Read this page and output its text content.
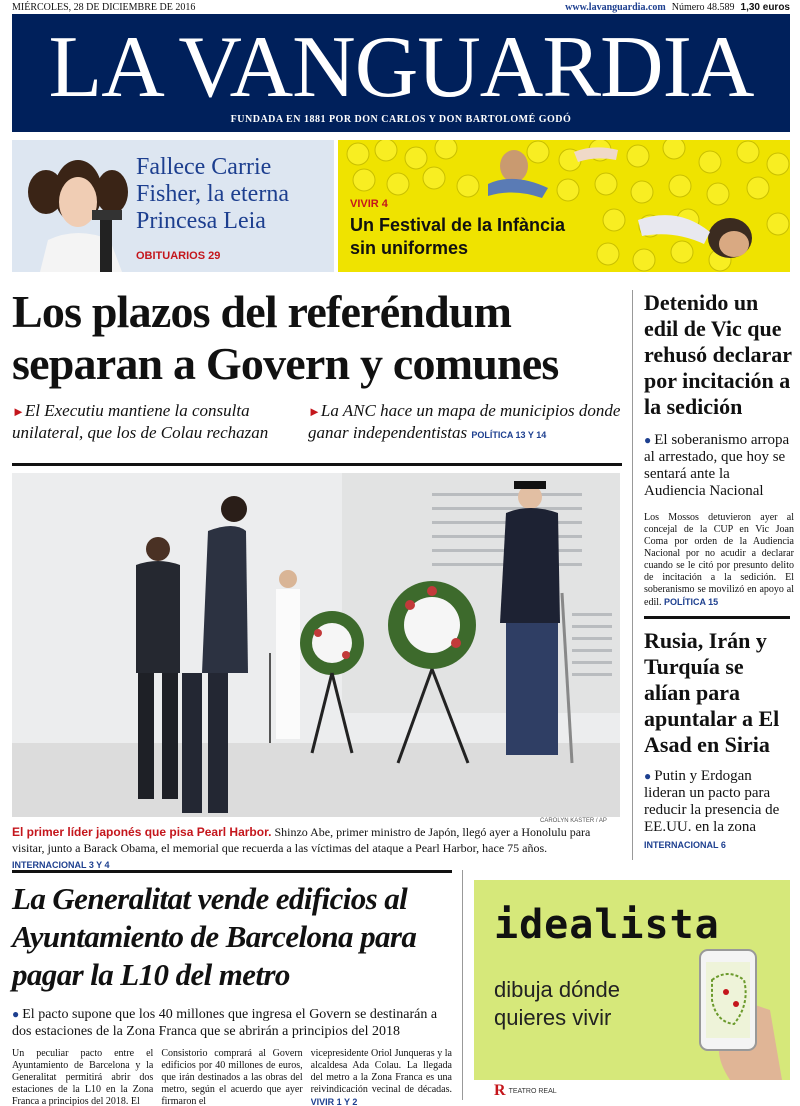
MIÉRCOLES, 28 DE DICIEMBRE DE 2016	www.lavanguardia.com Número 48.589 1,30 euros
LA VANGUARDIA
FUNDADA EN 1881 POR DON CARLOS Y DON BARTOLOMÉ GODÓ
Fallece Carrie Fisher, la eterna Princesa Leia
OBITUARIOS 29
VIVIR 4
Un Festival de la Infància sin uniformes
Los plazos del referéndum separan a Govern y comunes
►El Executiu mantiene la consulta unilateral, que los de Colau rechazan
►La ANC hace un mapa de municipios donde ganar independentistas POLÍTICA 13 Y 14
CAROLYN KASTER / AP
El primer líder japonés que pisa Pearl Harbor. Shinzo Abe, primer ministro de Japón, llegó ayer a Honolulu para visitar, junto a Barack Obama, el memorial que recuerda a las víctimas del ataque a Pearl Harbor, hace 75 años. INTERNACIONAL 3 Y 4
Detenido un edil de Vic que rehusó declarar por incitación a la sedición
● El soberanismo arropa al arrestado, que hoy se sentará ante la Audiencia Nacional
Los Mossos detuvieron ayer al concejal de la CUP en Vic Joan Coma por orden de la Audiencia Nacional por no acudir a declarar cuando se le citó por presunto delito de incitación a la sedición. El soberanismo se movilizó en apoyo al edil. POLÍTICA 15
Rusia, Irán y Turquía se alían para apuntalar a El Asad en Siria
● Putin y Erdogan lideran un pacto para reducir la presencia de EE.UU. en la zona
INTERNACIONAL 6
La Generalitat vende edificios al Ayuntamiento de Barcelona para pagar la L10 del metro
● El pacto supone que los 40 millones que ingresa el Govern se destinarán a dos estaciones de la Zona Franca que se abrirán a principios del 2018

Un peculiar pacto entre el Ayuntamiento de Barcelona y la Generalitat permitirá abrir dos estaciones de la L10 en la Zona Franca a principios del 2018. El

Consistorio comprará al Govern edificios por 40 millones de euros, que irán destinados a las obras del metro, según el acuerdo que ayer firmaron el

vicepresidente Oriol Junqueras y la alcaldesa Ada Colau. La llegada del metro a la Zona Franca es una reivindicación vecinal de décadas. VIVIR 1 Y 2

idealista
dibuja dónde quieres vivir
R TEATRO REAL
